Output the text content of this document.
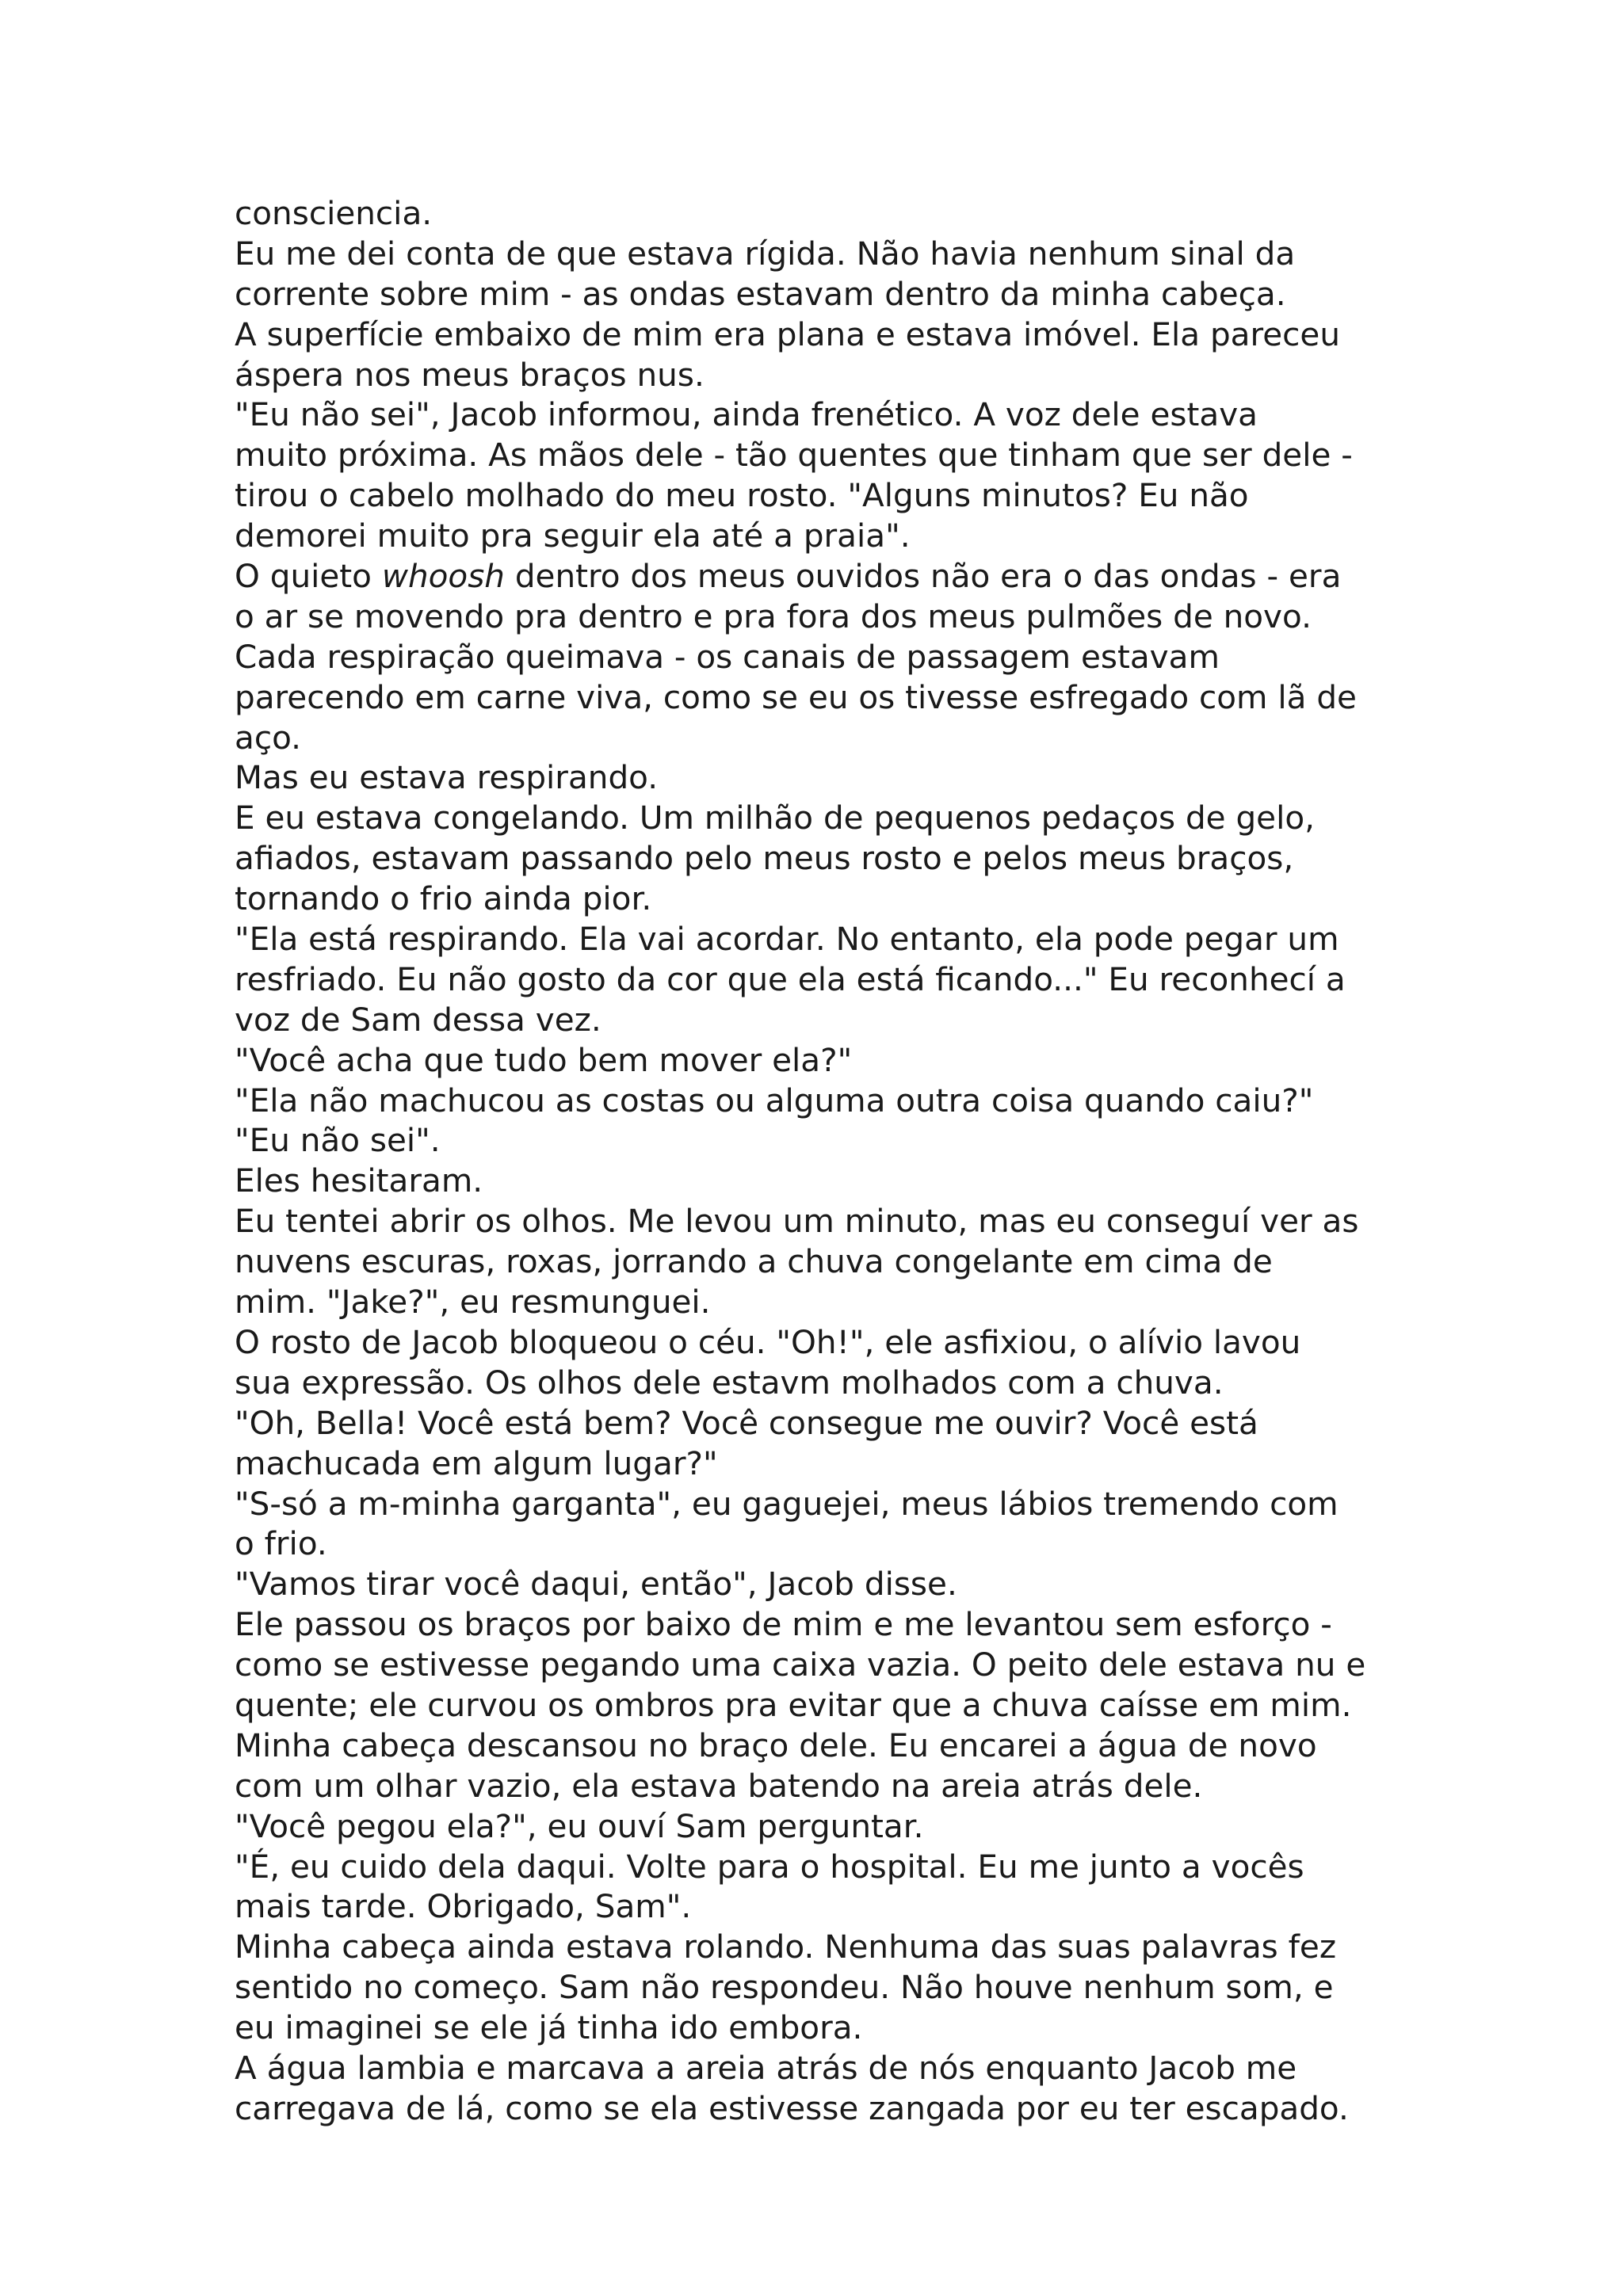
consciencia.
Eu me dei conta de que estava rígida. Não havia nenhum sinal da
corrente sobre mim - as ondas estavam dentro da minha cabeça.
A superfície embaixo de mim era plana e estava imóvel. Ela pareceu
áspera nos meus braços nus.
"Eu não sei", Jacob informou, ainda frenético. A voz dele estava
muito próxima. As mãos dele - tão quentes que tinham que ser dele -
tirou o cabelo molhado do meu rosto. "Alguns minutos? Eu não
demorei muito pra seguir ela até a praia".
O quieto whoosh dentro dos meus ouvidos não era o das ondas - era
o ar se movendo pra dentro e pra fora dos meus pulmões de novo.
Cada respiração queimava - os canais de passagem estavam
parecendo em carne viva, como se eu os tivesse esfregado com lã de
aço.
Mas eu estava respirando.
E eu estava congelando. Um milhão de pequenos pedaços de gelo,
afiados, estavam passando pelo meus rosto e pelos meus braços,
tornando o frio ainda pior.
"Ela está respirando. Ela vai acordar. No entanto, ela pode pegar um
resfriado. Eu não gosto da cor que ela está ficando..." Eu reconhecí a
voz de Sam dessa vez.
"Você acha que tudo bem mover ela?"
"Ela não machucou as costas ou alguma outra coisa quando caiu?"
"Eu não sei".
Eles hesitaram.
Eu tentei abrir os olhos. Me levou um minuto, mas eu conseguí ver as
nuvens escuras, roxas, jorrando a chuva congelante em cima de
mim. "Jake?", eu resmunguei.
O rosto de Jacob bloqueou o céu. "Oh!", ele asfixiou, o alívio lavou
sua expressão. Os olhos dele estavm molhados com a chuva.
"Oh, Bella! Você está bem? Você consegue me ouvir? Você está
machucada em algum lugar?"
"S-só a m-minha garganta", eu gaguejei, meus lábios tremendo com
o frio.
"Vamos tirar você daqui, então", Jacob disse.
Ele passou os braços por baixo de mim e me levantou sem esforço -
como se estivesse pegando uma caixa vazia. O peito dele estava nu e
quente; ele curvou os ombros pra evitar que a chuva caísse em mim.
Minha cabeça descansou no braço dele. Eu encarei a água de novo
com um olhar vazio, ela estava batendo na areia atrás dele.
"Você pegou ela?", eu ouví Sam perguntar.
"É, eu cuido dela daqui. Volte para o hospital. Eu me junto a vocês
mais tarde. Obrigado, Sam".
Minha cabeça ainda estava rolando. Nenhuma das suas palavras fez
sentido no começo. Sam não respondeu. Não houve nenhum som, e
eu imaginei se ele já tinha ido embora.
A água lambia e marcava a areia atrás de nós enquanto Jacob me
carregava de lá, como se ela estivesse zangada por eu ter escapado.
